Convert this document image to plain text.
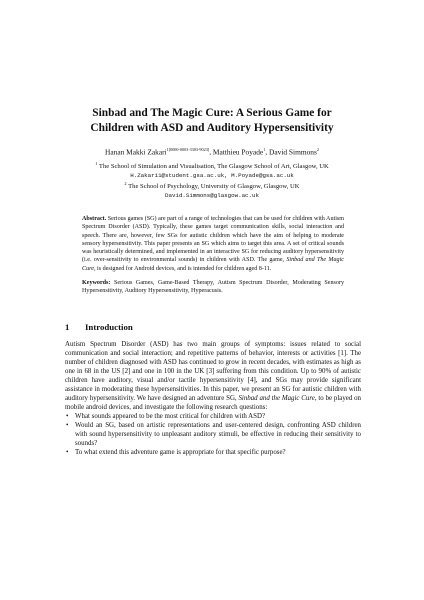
Sinbad and The Magic Cure: A Serious Game for
Children with ASD and Auditory Hypersensitivity
Hanan Makki Zakari$^{1[0000-0003-3303-9023]}$, Matthieu Poyade$^1$, David Simmons$^2$
$^1$ The School of Simulation and Visualisation, The Glasgow School of Art, Glasgow, UK
H.Zakari1@student.gsa.ac.uk, M.Poyade@gsa.ac.uk
$^2$ The School of Psychology, University of Glasgow, Glasgow, UK
David.Simmons@glasgow.ac.uk

Abstract. Serious games (SG) are part of a range of technologies that can be used for children with Autism Spectrum Disorder (ASD). Typically, these games target communication skills, social interaction and speech. There are, however, few SGs for autistic children which have the aim of helping to moderate sensory hypersensitivity. This paper presents an SG which aims to target this area. A set of critical sounds was heuristically determined, and implemented in an interactive SG for reducing auditory hypersensitivity (i.e. over-sensitivity to environmental sounds) in children with ASD. The game, Sinbad and The Magic Cure, is designed for Android devices, and is intended for children aged 8-11.

Keywords: Serious Games, Game-Based Therapy, Autism Spectrum Disorder, Moderating Sensory Hypersensitivity, Auditory Hypersensitivity, Hyperacusis.

1 Introduction

Autism Spectrum Disorder (ASD) has two main groups of symptoms: issues related to social communication and social interaction; and repetitive patterns of behavior, interests or activities [1]. The number of children diagnosed with ASD has continued to grow in recent decades, with estimates as high as one in 68 in the US [2] and one in 100 in the UK [3] suffering from this condition. Up to 90% of autistic children have auditory, visual and/or tactile hypersensitivity [4], and SGs may provide significant assistance in moderating these hypersensitivities. In this paper, we present an SG for autistic children with auditory hypersensitivity. We have designed an adventure SG, Sinbad and the Magic Cure, to be played on mobile android devices, and investigate the following research questions:

• What sounds appeared to be the most critical for children with ASD?
• Would an SG, based on artistic representations and user-centered design, confronting ASD children with sound hypersensitivity to unpleasant auditory stimuli, be effective in reducing their sensitivity to sounds?
• To what extend this adventure game is appropriate for that specific purpose?
